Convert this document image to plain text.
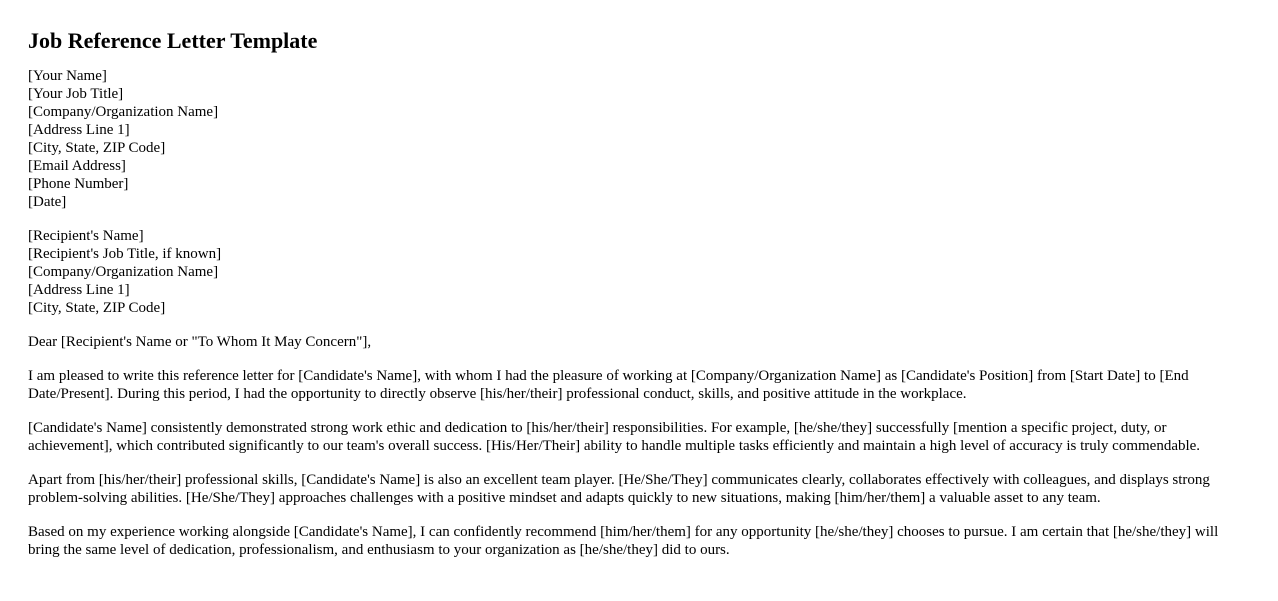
Job Reference Letter Template
[Your Name]
[Your Job Title]
[Company/Organization Name]
[Address Line 1]
[City, State, ZIP Code]
[Email Address]
[Phone Number]
[Date]
[Recipient's Name]
[Recipient's Job Title, if known]
[Company/Organization Name]
[Address Line 1]
[City, State, ZIP Code]

Dear [Recipient's Name or "To Whom It May Concern"],

I am pleased to write this reference letter for [Candidate's Name], with whom I had the pleasure of working at [Company/Organization Name] as [Candidate's Position] from [Start Date] to [End Date/Present]. During this period, I had the opportunity to directly observe [his/her/their] professional conduct, skills, and positive attitude in the workplace.

[Candidate's Name] consistently demonstrated strong work ethic and dedication to [his/her/their] responsibilities. For example, [he/she/they] successfully [mention a specific project, duty, or achievement], which contributed significantly to our team's overall success. [His/Her/Their] ability to handle multiple tasks efficiently and maintain a high level of accuracy is truly commendable.

Apart from [his/her/their] professional skills, [Candidate's Name] is also an excellent team player. [He/She/They] communicates clearly, collaborates effectively with colleagues, and displays strong problem-solving abilities. [He/She/They] approaches challenges with a positive mindset and adapts quickly to new situations, making [him/her/them] a valuable asset to any team.

Based on my experience working alongside [Candidate's Name], I can confidently recommend [him/her/them] for any opportunity [he/she/they] chooses to pursue. I am certain that [he/she/they] will bring the same level of dedication, professionalism, and enthusiasm to your organization as [he/she/they] did to ours.
